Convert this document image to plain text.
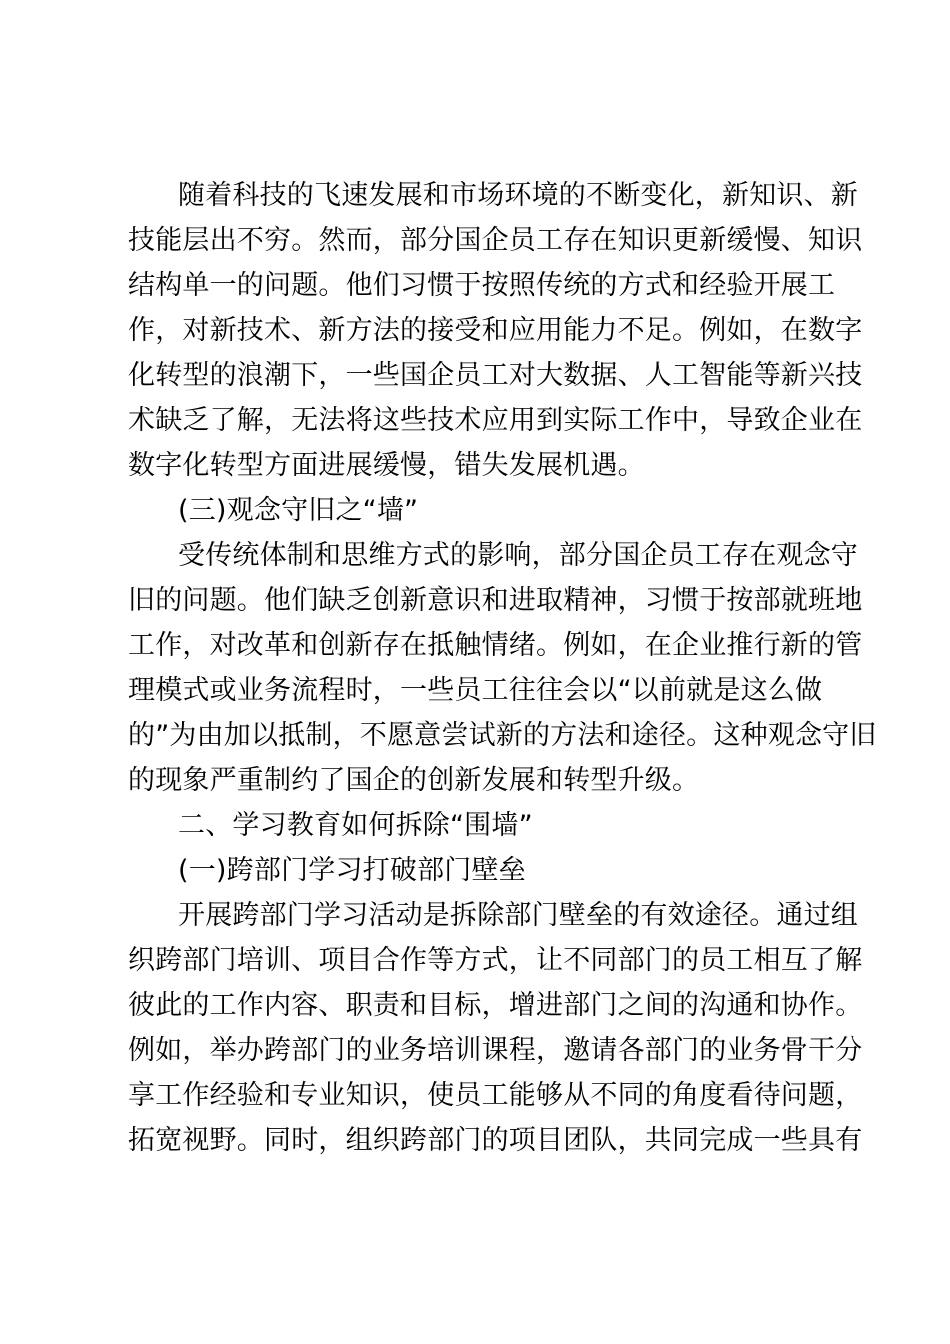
随着科技的飞速发展和市场环境的不断变化，新知识、新
技能层出不穷。然而，部分国企员工存在知识更新缓慢、知识
结构单一的问题。他们习惯于按照传统的方式和经验开展工
作，对新技术、新方法的接受和应用能力不足。例如，在数字
化转型的浪潮下，一些国企员工对大数据、人工智能等新兴技
术缺乏了解，无法将这些技术应用到实际工作中，导致企业在
数字化转型方面进展缓慢，错失发展机遇。
(三)观念守旧之“墙”
受传统体制和思维方式的影响，部分国企员工存在观念守
旧的问题。他们缺乏创新意识和进取精神，习惯于按部就班地
工作，对改革和创新存在抵触情绪。例如，在企业推行新的管
理模式或业务流程时，一些员工往往会以“以前就是这么做
的”为由加以抵制，不愿意尝试新的方法和途径。这种观念守旧
的现象严重制约了国企的创新发展和转型升级。
二、学习教育如何拆除“围墙”
(一)跨部门学习打破部门壁垒
开展跨部门学习活动是拆除部门壁垒的有效途径。通过组
织跨部门培训、项目合作等方式，让不同部门的员工相互了解
彼此的工作内容、职责和目标，增进部门之间的沟通和协作。
例如，举办跨部门的业务培训课程，邀请各部门的业务骨干分
享工作经验和专业知识，使员工能够从不同的角度看待问题，
拓宽视野。同时，组织跨部门的项目团队，共同完成一些具有
